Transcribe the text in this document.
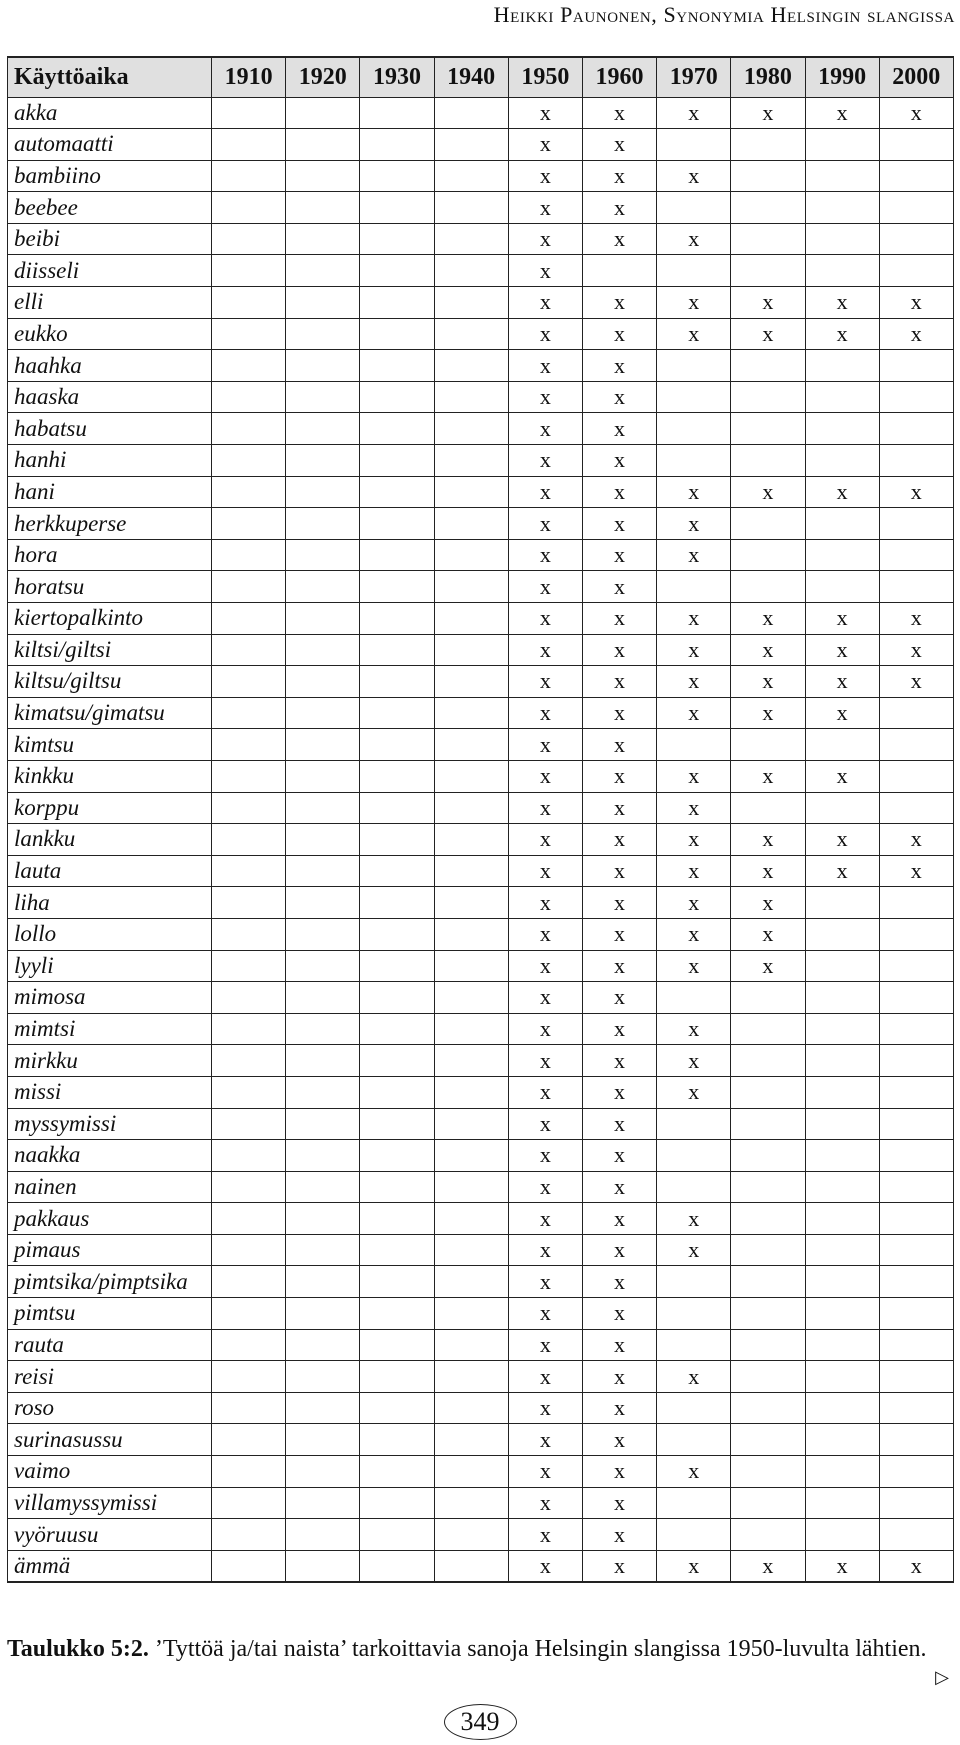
Heikki Paunonen, Synonymia Helsingin slangissa
Käyttöaika	1910	1920	1930	1940	1950	1960	1970	1980	1990	2000
akka					x	x	x	x	x	x
automaatti					x	x				
bambiino					x	x	x			
beebee					x	x				
beibi					x	x	x			
diisseli					x					
elli					x	x	x	x	x	x
eukko					x	x	x	x	x	x
haahka					x	x				
haaska					x	x				
habatsu					x	x				
hanhi					x	x				
hani					x	x	x	x	x	x
herkkuperse					x	x	x			
hora					x	x	x			
horatsu					x	x				
kiertopalkinto					x	x	x	x	x	x
kiltsi/giltsi					x	x	x	x	x	x
kiltsu/giltsu					x	x	x	x	x	x
kimatsu/gimatsu					x	x	x	x	x	
kimtsu					x	x				
kinkku					x	x	x	x	x	
korppu					x	x	x			
lankku					x	x	x	x	x	x
lauta					x	x	x	x	x	x
liha					x	x	x	x		
lollo					x	x	x	x		
lyyli					x	x	x	x		
mimosa					x	x				
mimtsi					x	x	x			
mirkku					x	x	x			
missi					x	x	x			
myssymissi					x	x				
naakka					x	x				
nainen					x	x				
pakkaus					x	x	x			
pimaus					x	x	x			
pimtsika/pimptsika					x	x				
pimtsu					x	x				
rauta					x	x				
reisi					x	x	x			
roso					x	x				
surinasussu					x	x				
vaimo					x	x	x			
villamyssymissi					x	x				
vyöruusu					x	x				
ämmä					x	x	x	x	x	x
Taulukko 5:2. ’Tyttöä ja/tai naista’ tarkoittavia sanoja Helsingin slangissa 1950-luvulta lähtien.
▷
349
